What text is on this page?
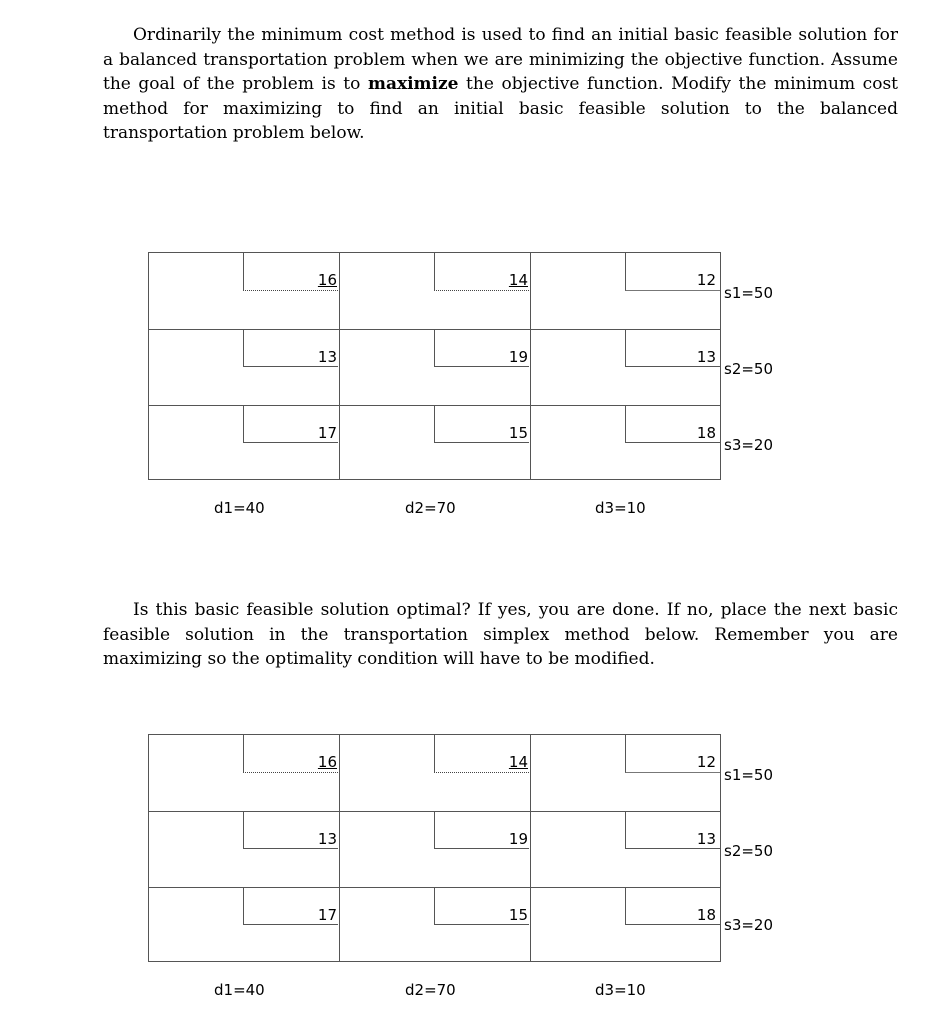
Ordinarily the minimum cost method is used to find an initial basic feasible solution for a balanced transportation problem when we are minimizing the objective function. Assume the goal of the problem is to maximize the objective function. Modify the minimum cost method for maximizing to find an initial basic feasible solution to the balanced transportation problem below.

16	14	12
13	19	13
17	15	18
s1=50
s2=50
s3=20
d1=40	d2=70	d3=10

Is this basic feasible solution optimal? If yes, you are done. If no, place the next basic feasible solution in the transportation simplex method below. Remember you are maximizing so the optimality condition will have to be modified.

16	14	12
13	19	13
17	15	18
s1=50
s2=50
s3=20
d1=40	d2=70	d3=10
